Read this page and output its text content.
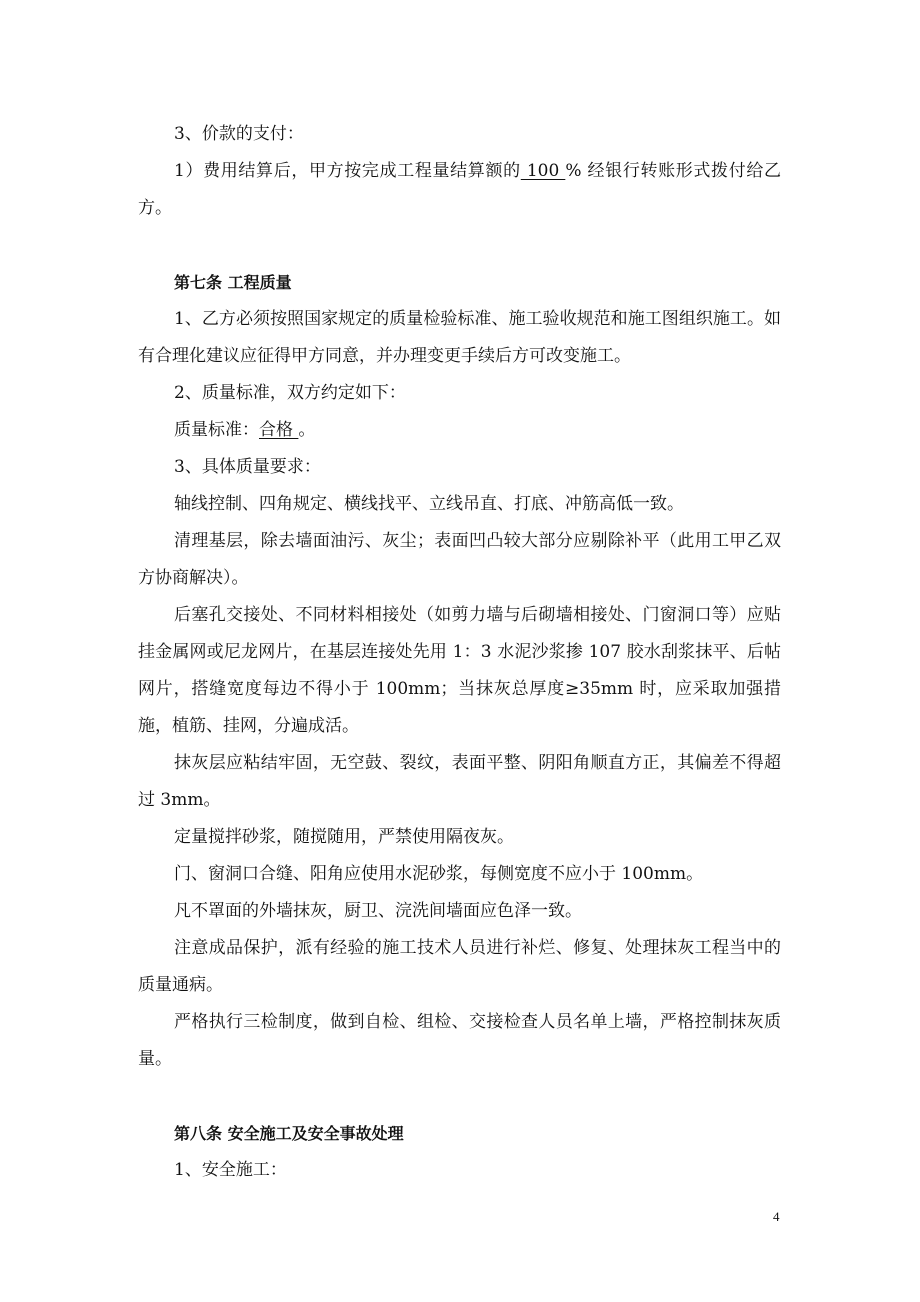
3、价款的支付：

1）费用结算后，甲方按完成工程量结算额的 100 % 经银行转账形式拨付给乙方。

第七条 工程质量

1、乙方必须按照国家规定的质量检验标准、施工验收规范和施工图组织施工。如有合理化建议应征得甲方同意，并办理变更手续后方可改变施工。

2、质量标准，双方约定如下：

质量标准：合格 。

3、具体质量要求：

轴线控制、四角规定、横线找平、立线吊直、打底、冲筋高低一致。

清理基层，除去墙面油污、灰尘；表面凹凸较大部分应剔除补平（此用工甲乙双方协商解决）。

后塞孔交接处、不同材料相接处（如剪力墙与后砌墙相接处、门窗洞口等）应贴挂金属网或尼龙网片，在基层连接处先用 1：3 水泥沙浆掺 107 胶水刮浆抹平、后帖网片，搭缝宽度每边不得小于 100mm；当抹灰总厚度≥35mm 时，应采取加强措施，植筋、挂网，分遍成活。

抹灰层应粘结牢固，无空鼓、裂纹，表面平整、阴阳角顺直方正，其偏差不得超过 3mm。

定量搅拌砂浆，随搅随用，严禁使用隔夜灰。

门、窗洞口合缝、阳角应使用水泥砂浆，每侧宽度不应小于 100mm。

凡不罩面的外墙抹灰，厨卫、浣洗间墙面应色泽一致。

注意成品保护，派有经验的施工技术人员进行补烂、修复、处理抹灰工程当中的质量通病。

严格执行三检制度，做到自检、组检、交接检查人员名单上墙，严格控制抹灰质量。

第八条 安全施工及安全事故处理

1、安全施工：

4
